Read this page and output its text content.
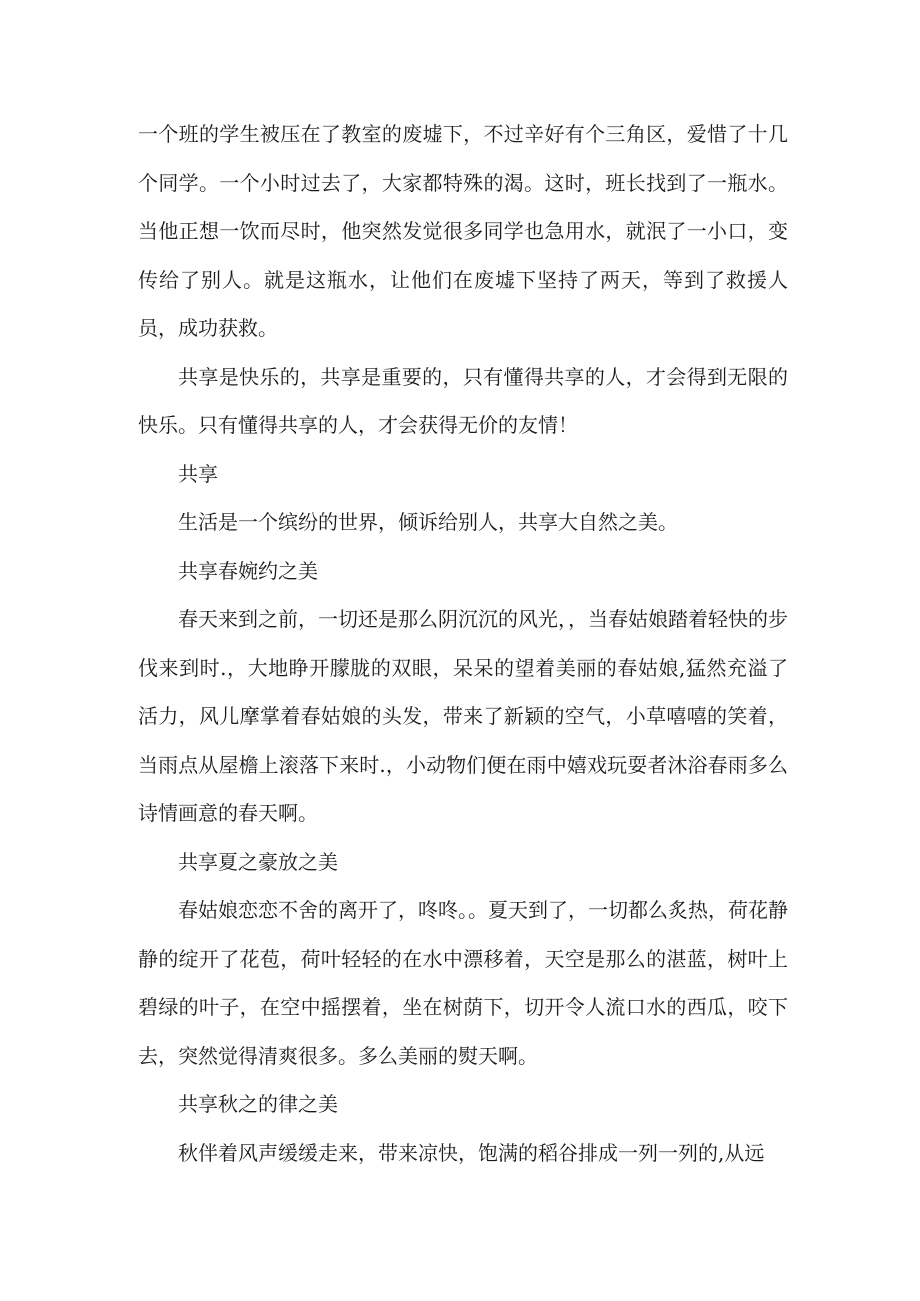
一个班的学生被压在了教室的废墟下，不过辛好有个三角区，爱惜了十几个同学。一个小时过去了，大家都特殊的渴。这时，班长找到了一瓶水。当他正想一饮而尽时，他突然发觉很多同学也急用水，就泯了一小口，变传给了别人。就是这瓶水，让他们在废墟下坚持了两天，等到了救援人员，成功获救。

共享是快乐的，共享是重要的，只有懂得共享的人，才会得到无限的快乐。只有懂得共享的人，才会获得无价的友情！

共享

生活是一个缤纷的世界，倾诉给别人，共享大自然之美。

共享春婉约之美

春天来到之前，一切还是那么阴沉沉的风光，，当春姑娘踏着轻快的步伐来到时.，大地睁开朦胧的双眼，呆呆的望着美丽的春姑娘,猛然充溢了活力，风儿摩掌着春姑娘的头发，带来了新颖的空气，小草嘻嘻的笑着，当雨点从屋檐上滚落下来时.，小动物们便在雨中嬉戏玩耍者沐浴春雨多么诗情画意的春天啊。

共享夏之豪放之美

春姑娘恋恋不舍的离开了，咚咚。。夏天到了，一切都么炙热，荷花静静的绽开了花苞，荷叶轻轻的在水中漂移着，天空是那么的湛蓝，树叶上碧绿的叶子，在空中摇摆着，坐在树荫下，切开令人流口水的西瓜，咬下去，突然觉得清爽很多。多么美丽的熨天啊。

共享秋之的律之美

秋伴着风声缓缓走来，带来凉快，饱满的稻谷排成一列一列的,从远
